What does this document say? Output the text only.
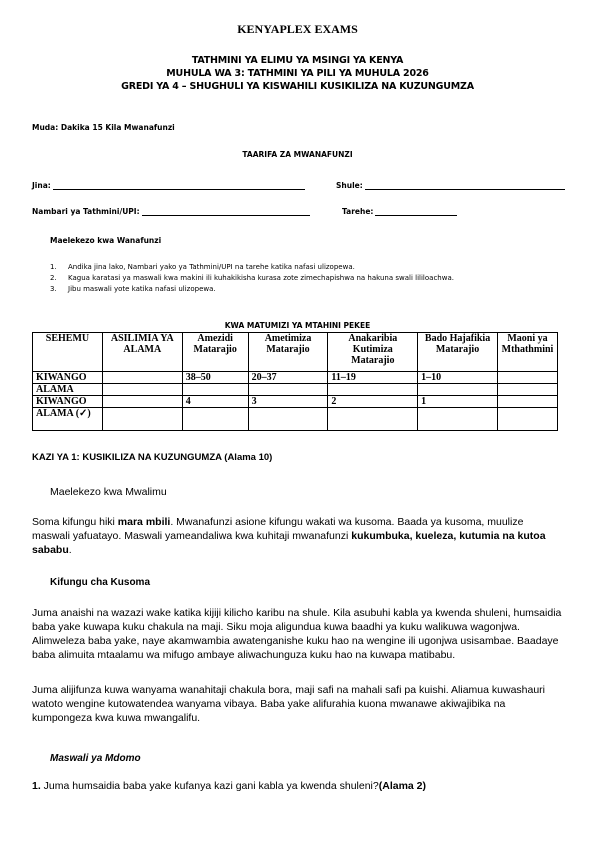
KENYAPLEX EXAMS
TATHMINI YA ELIMU YA MSINGI YA KENYA
MUHULA WA 3: TATHMINI YA PILI YA MUHULA 2026
GREDI YA 4 – SHUGHULI YA KISWAHILI KUSIKILIZA NA KUZUNGUMZA
Muda: Dakika 15 Kila Mwanafunzi
TAARIFA ZA MWANAFUNZI
Jina:	Shule:
Nambari ya Tathmini/UPI:	Tarehe:
Maelekezo kwa Wanafunzi
1.	Andika jina lako, Nambari yako ya Tathmini/UPI na tarehe katika nafasi ulizopewa.
2.	Kagua karatasi ya maswali kwa makini ili kuhakikisha kurasa zote zimechapishwa na hakuna swali lililoachwa.
3.	Jibu maswali yote katika nafasi ulizopewa.
KWA MATUMIZI YA MTAHINI PEKEE
SEHEMU	ASILIMIA YA ALAMA	Amezidi Matarajio	Ametimiza Matarajio	Anakaribia Kutimiza Matarajio	Bado Hajafikia Matarajio	Maoni ya Mthathmini
KIWANGO		38–50	20–37	11–19	1–10	
ALAMA						
KIWANGO		4	3	2	1	
ALAMA (✓)						
KAZI YA 1: KUSIKILIZA NA KUZUNGUMZA (Alama 10)
Maelekezo kwa Mwalimu
Soma kifungu hiki mara mbili. Mwanafunzi asione kifungu wakati wa kusoma. Baada ya kusoma, muulize maswali yafuatayo. Maswali yameandaliwa kwa kuhitaji mwanafunzi kukumbuka, kueleza, kutumia na kutoa sababu.
Kifungu cha Kusoma
Juma anaishi na wazazi wake katika kijiji kilicho karibu na shule. Kila asubuhi kabla ya kwenda shuleni, humsaidia baba yake kuwapa kuku chakula na maji. Siku moja aligundua kuwa baadhi ya kuku walikuwa wagonjwa. Alimweleza baba yake, naye akamwambia awatenganishe kuku hao na wengine ili ugonjwa usisambae. Baadaye baba alimuita mtaalamu wa mifugo ambaye aliwachunguza kuku hao na kuwapa matibabu.
Juma alijifunza kuwa wanyama wanahitaji chakula bora, maji safi na mahali safi pa kuishi. Aliamua kuwashauri watoto wengine kutowatendea wanyama vibaya. Baba yake alifurahia kuona mwanawe akiwajibika na kumpongeza kwa kuwa mwangalifu.
Maswali ya Mdomo
1. Juma humsaidia baba yake kufanya kazi gani kabla ya kwenda shuleni?(Alama 2)
